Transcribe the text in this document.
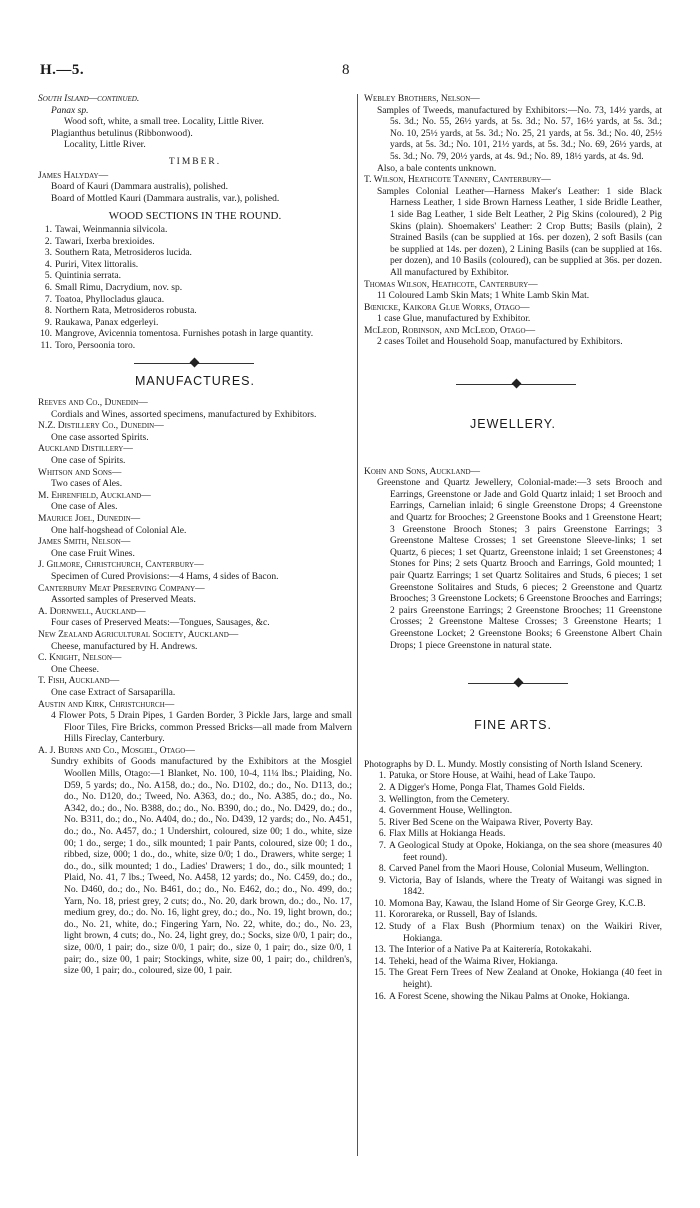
H.—5.	8

South Island—continued.

Panax sp.

Wood soft, white, a small tree. Locality, Little River.

Plagianthus betulinus (Ribbonwood).

Locality, Little River.

TIMBER.

James Halyday—

Board of Kauri (Dammara australis), polished.

Board of Mottled Kauri (Dammara australis, var.), polished.

WOOD SECTIONS IN THE ROUND.

1. Tawai, Weinmannia silvicola.
2. Tawari, Ixerba brexioides.
3. Southern Rata, Metrosideros lucida.
4. Puriri, Vitex littoralis.
5. Quintinia serrata.
6. Small Rimu, Dacrydium, nov. sp.
7. Toatoa, Phyllocladus glauca.
8. Northern Rata, Metrosideros robusta.
9. Raukawa, Panax edgerleyi.
10. Mangrove, Avicennia tomentosa. Furnishes potash in large quantity.
11. Toro, Persoonia toro.

MANUFACTURES.

Reeves and Co., Dunedin—

Cordials and Wines, assorted specimens, manufactured by Exhibitors.

N.Z. Distillery Co., Dunedin—

One case assorted Spirits.

Auckland Distillery—

One case of Spirits.

Whitson and Sons—

Two cases of Ales.

M. Ehrenfield, Auckland—

One case of Ales.

Maurice Joel, Dunedin—

One half-hogshead of Colonial Ale.

James Smith, Nelson—

One case Fruit Wines.

J. Gilmore, Christchurch, Canterbury—

Specimen of Cured Provisions:—4 Hams, 4 sides of Bacon.

Canterbury Meat Preserving Company—

Assorted samples of Preserved Meats.

A. Dornwell, Auckland—

Four cases of Preserved Meats:—Tongues, Sausages, &c.

New Zealand Agricultural Society, Auckland—

Cheese, manufactured by H. Andrews.

C. Knight, Nelson—

One Cheese.

T. Fish, Auckland—

One case Extract of Sarsaparilla.

Austin and Kirk, Christchurch—

4 Flower Pots, 5 Drain Pipes, 1 Garden Border, 3 Pickle Jars, large and small Floor Tiles, Fire Bricks, common Pressed Bricks—all made from Malvern Hills Fireclay, Canterbury.

A. J. Burns and Co., Mosgiel, Otago—

Sundry exhibits of Goods manufactured by the Exhibitors at the Mosgiel Woollen Mills, Otago:—1 Blanket, No. 100, 10-4, 11¼ lbs.; Plaiding, No. D59, 5 yards; do., No. A158, do.; do., No. D102, do.; do., No. D113, do.; do., No. D120, do.; Tweed, No. A363, do.; do., No. A385, do.; do., No. A342, do.; do., No. B388, do.; do., No. B390, do.; do., No. D429, do.; do., No. B311, do.; do., No. A404, do.; do., No. D439, 12 yards; do., No. A451, do.; do., No. A457, do.; 1 Undershirt, coloured, size 00; 1 do., white, size 00; 1 do., serge; 1 do., silk mounted; 1 pair Pants, coloured, size 00; 1 do., ribbed, size, 000; 1 do., do., white, size 0/0; 1 do., Drawers, white serge; 1 do., do., silk mounted; 1 do., Ladies' Drawers; 1 do., do., silk mounted; 1 Plaid, No. 41, 7 lbs.; Tweed, No. A458, 12 yards; do., No. C459, do.; do., No. D460, do.; do., No. B461, do.; do., No. E462, do.; do., No. 499, do.; Yarn, No. 18, priest grey, 2 cuts; do., No. 20, dark brown, do.; do., No. 17, medium grey, do.; do. No. 16, light grey, do.; do., No. 19, light brown, do.; do., No. 21, white, do.; Fingering Yarn, No. 22, white, do.; do., No. 23, light brown, 4 cuts; do., No. 24, light grey, do.; Socks, size 0/0, 1 pair; do., size, 00/0, 1 pair; do., size 0/0, 1 pair; do., size 0, 1 pair; do., size 0/0, 1 pair; do., size 00, 1 pair; Stockings, white, size 00, 1 pair; do., children's, size 00, 1 pair; do., coloured, size 00, 1 pair.

Webley Brothers, Nelson—

Samples of Tweeds, manufactured by Exhibitors:—No. 73, 14½ yards, at 5s. 3d.; No. 55, 26½ yards, at 5s. 3d.; No. 57, 16½ yards, at 5s. 3d.; No. 10, 25½ yards, at 5s. 3d.; No. 25, 21 yards, at 5s. 3d.; No. 40, 25½ yards, at 5s. 3d.; No. 101, 21½ yards, at 5s. 3d.; No. 69, 26½ yards, at 5s. 3d.; No. 79, 20½ yards, at 4s. 9d.; No. 89, 18½ yards, at 4s. 9d.

Also, a bale contents unknown.

T. Wilson, Heathcote Tannery, Canterbury—

Samples Colonial Leather—Harness Maker's Leather: 1 side Black Harness Leather, 1 side Brown Harness Leather, 1 side Bridle Leather, 1 side Bag Leather, 1 side Belt Leather, 2 Pig Skins (coloured), 2 Pig Skins (plain). Shoemakers' Leather: 2 Crop Butts; Basils (plain), 2 Strained Basils (can be supplied at 16s. per dozen), 2 soft Basils (can be supplied at 14s. per dozen), 2 Lining Basils (can be supplied at 16s. per dozen), and 10 Basils (coloured), can be supplied at 36s. per dozen. All manufactured by Exhibitor.

Thomas Wilson, Heathcote, Canterbury—

11 Coloured Lamb Skin Mats; 1 White Lamb Skin Mat.

Bœnicke, Kaikora Glue Works, Otago—

1 case Glue, manufactured by Exhibitor.

McLeod, Robinson, and McLeod, Otago—

2 cases Toilet and Household Soap, manufactured by Exhibitors.

JEWELLERY.

Kohn and Sons, Auckland—

Greenstone and Quartz Jewellery, Colonial-made:—3 sets Brooch and Earrings, Greenstone or Jade and Gold Quartz inlaid; 1 set Brooch and Earrings, Carnelian inlaid; 6 single Greenstone Drops; 4 Greenstone and Quartz for Brooches; 2 Greenstone Books and 1 Greenstone Heart; 3 Greenstone Brooch Stones; 3 pairs Greenstone Earrings; 3 Greenstone Maltese Crosses; 1 set Greenstone Sleeve-links; 1 set Quartz, 6 pieces; 1 set Quartz, Greenstone inlaid; 1 set Greenstones; 4 Stones for Pins; 2 sets Quartz Brooch and Earrings, Gold mounted; 1 pair Quartz Earrings; 1 set Quartz Solitaires and Studs, 6 pieces; 1 set Greenstone Solitaires and Studs, 6 pieces; 2 Greenstone and Quartz Brooches; 3 Greenstone Lockets; 6 Greenstone Brooches and Earrings; 2 pairs Greenstone Earrings; 2 Greenstone Brooches; 11 Greenstone Crosses; 2 Greenstone Maltese Crosses; 3 Greenstone Hearts; 1 Greenstone Locket; 2 Greenstone Books; 6 Greenstone Albert Chain Drops; 1 piece Greenstone in natural state.

FINE ARTS.

Photographs by D. L. Mundy. Mostly consisting of North Island Scenery.

1. Patuka, or Store House, at Waihi, head of Lake Taupo.
2. A Digger's Home, Ponga Flat, Thames Gold Fields.
3. Wellington, from the Cemetery.
4. Government House, Wellington.
5. River Bed Scene on the Waipawa River, Poverty Bay.
6. Flax Mills at Hokianga Heads.
7. A Geological Study at Opoke, Hokianga, on the sea shore (measures 40 feet round).
8. Carved Panel from the Maori House, Colonial Museum, Wellington.
9. Victoria, Bay of Islands, where the Treaty of Waitangi was signed in 1842.
10. Momona Bay, Kawau, the Island Home of Sir George Grey, K.C.B.
11. Kororareka, or Russell, Bay of Islands.
12. Study of a Flax Bush (Phormium tenax) on the Waikiri River, Hokianga.
13. The Interior of a Native Pa at Kaiterería, Rotokakahi.
14. Teheki, head of the Waima River, Hokianga.
15. The Great Fern Trees of New Zealand at Onoke, Hokianga (40 feet in height).
16. A Forest Scene, showing the Nikau Palms at Onoke, Hokianga.
